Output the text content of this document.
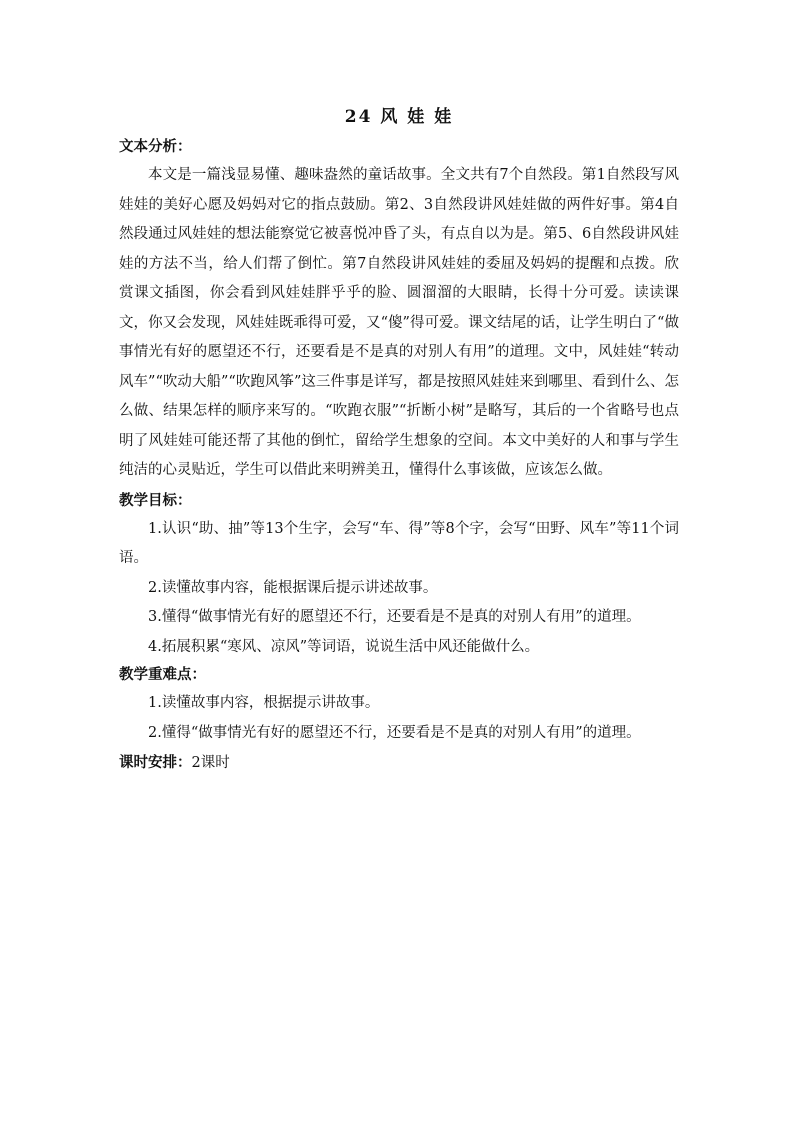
24 风 娃 娃

文本分析：

本文是一篇浅显易懂、趣味盎然的童话故事。全文共有7个自然段。第1自然段写风娃娃的美好心愿及妈妈对它的指点鼓励。第2、3自然段讲风娃娃做的两件好事。第4自然段通过风娃娃的想法能察觉它被喜悦冲昏了头，有点自以为是。第5、6自然段讲风娃娃的方法不当，给人们帮了倒忙。第7自然段讲风娃娃的委屈及妈妈的提醒和点拨。欣赏课文插图，你会看到风娃娃胖乎乎的脸、圆溜溜的大眼睛，长得十分可爱。读读课文，你又会发现，风娃娃既乖得可爱，又“傻”得可爱。课文结尾的话，让学生明白了“做事情光有好的愿望还不行，还要看是不是真的对别人有用”的道理。文中，风娃娃“转动风车”“吹动大船”“吹跑风筝”这三件事是详写，都是按照风娃娃来到哪里、看到什么、怎么做、结果怎样的顺序来写的。“吹跑衣服”“折断小树”是略写，其后的一个省略号也点明了风娃娃可能还帮了其他的倒忙，留给学生想象的空间。本文中美好的人和事与学生纯洁的心灵贴近，学生可以借此来明辨美丑，懂得什么事该做，应该怎么做。

教学目标：

1.认识“助、抽”等13个生字，会写“车、得”等8个字，会写“田野、风车”等11个词语。

2.读懂故事内容，能根据课后提示讲述故事。

3.懂得“做事情光有好的愿望还不行，还要看是不是真的对别人有用”的道理。

4.拓展积累“寒风、凉风”等词语，说说生活中风还能做什么。

教学重难点：

1.读懂故事内容，根据提示讲故事。

2.懂得“做事情光有好的愿望还不行，还要看是不是真的对别人有用”的道理。

课时安排：2课时
